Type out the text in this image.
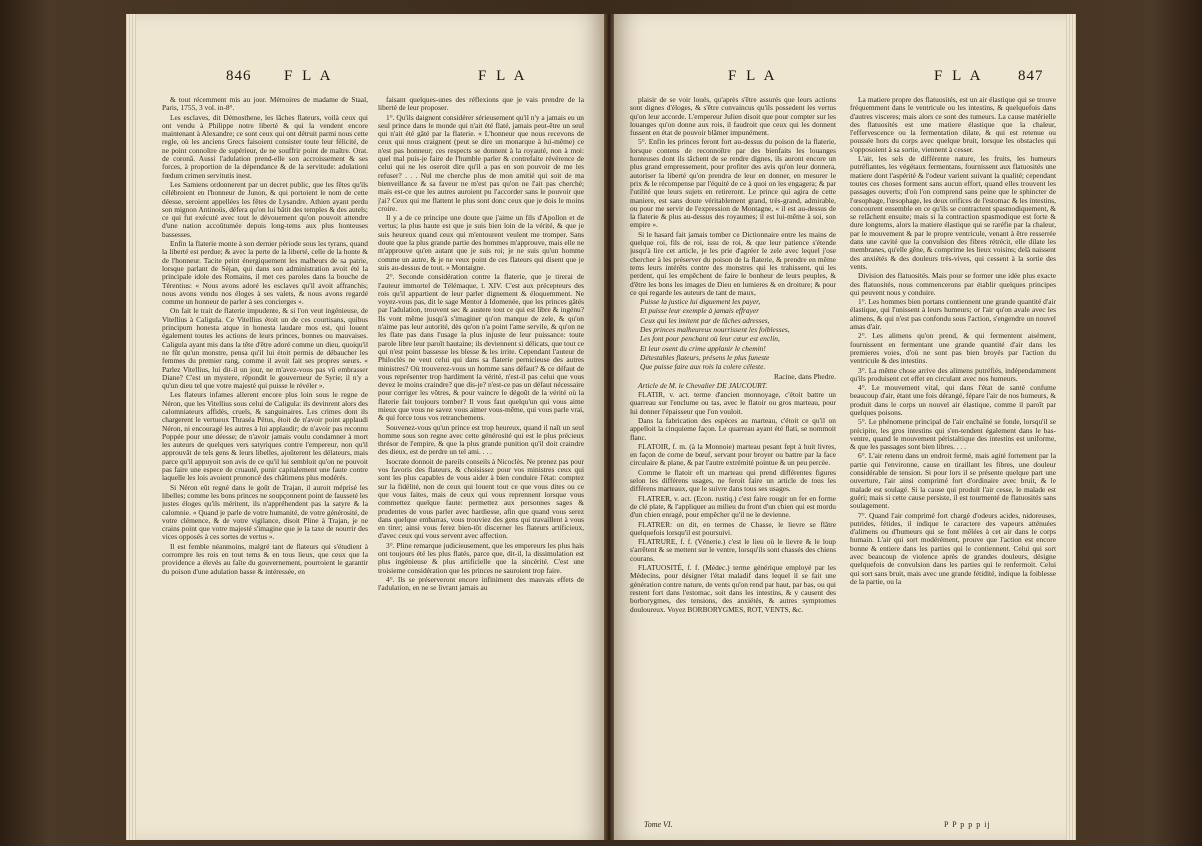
846 F L A	F L A

& tout récemment mis au jour. Mémoires de madame de Staal, Paris, 1755, 3 vol. in-8°.

Les esclaves, dit Démosthene, les lâches flateurs, voilà ceux qui ont vendu à Philippe notre liberté & qui la vendent encore maintenant à Alexandre; ce sont ceux qui ont détruit parmi nous cette regle, où les anciens Grecs faisoient consister toute leur félicité, de ne point connoître de supérieur, de ne souffrir point de maître. Orat. de coronâ. Aussi l'adulation prend-elle son accroissement & ses forces, à proportion de la dépendance & de la servitude: adulationi fœdum crimen servitutis inest.

Les Samiens ordonnerent par un decret public, que les fêtes qu'ils célébroient en l'honneur de Junon, & qui portoient le nom de cette déesse, seroient appellées les fêtes de Lysandre. Athien ayant perdu son mignon Antinoüs, défera qu'on lui bâtit des temples & des autels; ce qui fut exécuté avec tout le dévouement qu'on pouvoit attendre d'une nation accoûtumée depuis long-tems aux plus honteuses bassesses.

Enfin la flaterie monte à son dernier période sous les tyrans, quand la liberté est perdue; & avec la perte de la liberté, celle de la honte & de l'honneur. Tacite peint énergiquement les malheurs de sa patrie, lorsque parlant de Séjan, qui dans son administration avoit été la principale idole des Romains, il met ces paroles dans la bouche de Térentius: « Nous avons adoré les esclaves qu'il avoit affranchis; nous avons vendu nos éloges à ses valets, & nous avons regardé comme un honneur de parler à ses concierges ».

On fait le trait de flaterie impudente, & si l'on veut ingénieuse, de Vitellius à Caligula. Ce Vitellius étoit un de ces courtisans, quibus principum honesta atque in honesta laudare mos est, qui louent également toutes les actions de leurs princes, bonnes ou mauvaises. Caligula ayant mis dans la tête d'être adoré comme un dieu, quoiqu'il ne fût qu'un monstre, pensa qu'il lui étoit permis de débaucher les femmes du premier rang, comme il avoit fait ses propres sœurs. « Parlez Vitellius, lui dit-il un jour, ne m'avez-vous pas vû embrasser Diane? C'est un mystere, répondit le gouverneur de Syrie; il n'y a qu'un dieu tel que votre majesté qui puisse le révéler ».

Les flateurs infames allerent encore plus loin sous le regne de Néron, que les Vitellius sous celui de Caligula: ils devinrent alors des calomniateurs affidés, cruels, & sanguinaires. Les crimes dont ils chargerent le vertueux Thraséa Pétus, étoit de n'avoir point applaudi Néron, ni encouragé les autres à lui applaudir; de n'avoir pas reconnu Poppée pour une déesse; de n'avoir jamais voulu condamner à mort les auteurs de quelques vers satyriques contre l'empereur, non qu'il approuvât de tels gens & leurs libelles, ajoûterent les délateurs, mais parce qu'il appuyoit son avis de ce qu'il lui sembloit qu'on ne pouvoit pas faire une espece de cruauté, punir capitalement une faute contre laquelle les lois avoient prononcé des châtimens plus modérés.

Si Néron eût regné dans le goût de Trajan, il auroit méprisé les libelles; comme les bons princes ne soupçonnent point de fausseté les justes éloges qu'ils méritent, ils n'appréhendent pas la satyre & la calomnie. « Quand je parle de votre humanité, de votre générosité, de votre clémence, & de votre vigilance, disoit Pline à Trajan, je ne crains point que votre majesté s'imagine que je la taxe de nourrir des vices opposés à ces sortes de vertus ».

Il est femble néanmoins, malgré tant de flateurs qui s'étudient à corrompre les rois en tout tems & en tous lieux, que ceux que la providence a élevés au faîte du gouvernement, pourroient le garantir du poison d'une adulation basse & intéressée, en

faisant quelques-unes des réflexions que je vais prendre de la liberté de leur proposer.

1°. Qu'ils daignent considérer sérieusement qu'il n'y a jamais eu un seul prince dans le monde qui n'ait été flaté, jamais peut-être un seul qui n'ait été gâté par la flaterie. « L'honneur que nous recevons de ceux qui nous craignent (peut se dire un monarque à lui-même) ce n'est pas honneur; ces respects se donnent à la royauté, non à moi: quel mal puis-je faire de l'humble parler & contrefaite révérence de celui qui ne les oseroit dire qu'il a pas en son pouvoir de me les refuser? . . . Nul me cherche plus de mon amitié qui soit de ma bienveillance & sa faveur ne m'est pas qu'on ne l'ait pas cherché; mais est-ce que les autres auroient pu l'accorder sans le pouvoir que j'ai? Ceux qui me flattent le plus sont donc ceux que je dois le moins croire.

Il y a de ce principe une doute que j'aime un fils d'Apollon et de vertus; la plus haute est que je suis bien loin de la vérité, & que je suis heureux quand ceux qui m'entourent veulent me tromper. Sans doute que la plus grande partie des hommes m'approuve, mais elle ne m'approuve qu'en autant que je suis roi; je ne suis qu'un homme comme un autre, & je ne veux point de ces flateurs qui disent que je suis au-dessus de tout. » Montaigne.

2°. Seconde considération contre la flaterie, que je tirerai de l'auteur immortel de Télémaque, l. XIV. C'est aux précepteurs des rois qu'il appartient de leur parler dignement & éloquemment. Ne voyez-vous pas, dit le sage Mentor à Idomenée, que les princes gâtés par l'adulation, trouvent sec & austere tout ce qui est libre & ingénu? Ils vont même jusqu'à s'imaginer qu'on manque de zele, & qu'on n'aime pas leur autorité, dès qu'on n'a point l'ame servile, & qu'on ne les flate pas dans l'usage la plus injuste de leur puissance: toute parole libre leur paroît hautaine; ils deviennent si délicats, que tout ce qui n'est point bassesse les blesse & les irrite. Cependant l'auteur de Philoclès ne veut celui qui dans sa flaterie pernicieuse des autres ministres? Où trouverez-vous un homme sans défaut? & ce défaut de vous représenter trop hardiment la vérité, n'est-il pas celui que vous devez le moins craindre? que dis-je? n'est-ce pas un défaut nécessaire pour corriger les vôtres, & pour vaincre le dégoût de la vérité où la flaterie fait toujours tomber? Il vous faut quelqu'un qui vous aime mieux que vous ne savez vous aimer vous-même, qui vous parle vrai, & qui force tous vos retranchemens.

Souvenez-vous qu'un prince est trop heureux, quand il naît un seul homme sous son regne avec cette générosité qui est le plus précieux thrésor de l'empire, & que la plus grande punition qu'il doit craindre des dieux, est de perdre un tel ami. . . .

Isocrate donnoit de pareils conseils à Nicoclès. Ne prenez pas pour vos favoris des flateurs, & choisissez pour vos ministres ceux qui sont les plus capables de vous aider à bien conduire l'état: comptez sur la fidélité, non de ceux qui louent tout ce que vous dites ou ce que vous faites, mais de ceux qui vous reprennent lorsque vous commettez quelque faute: permettez aux personnes sages & prudentes de vous parler avec hardiesse, afin que quand vous serez dans quelque embarras, vous trouviez des gens qui travaillent à vous en tirer; ainsi vous ferez bien-tôt discerner les flateurs artificieux, d'avec ceux qui vous servent avec affection.

3°. Pline remarque judicieusement, que les empereurs les plus hais ont toujours été les plus flatés, parce que, dit-il, la dissimulation est plus ingénieuse & plus artificielle que la sincérité. C'est une troisieme considération que les princes ne sauroient trop faire.

4°. Ils se préserveront encore infiniment des mauvais effets de l'adulation, en ne se livrant jamais au

F L A	F L A 847

plaisir de se voir loués, qu'après s'être assurés que leurs actions sont dignes d'éloges, & s'être convaincus qu'ils possedent les vertus qu'on leur accorde. L'empereur Julien disoit que pour compter sur les louanges qu'on donne aux rois, il faudroit que ceux qui les donnent fussent en état de pouvoir blâmer impunément.

5°. Enfin les princes feront fort au-dessus du poison de la flaterie, lorsque contens de reconnoître par des bienfaits les louanges honteuses dont ils tâchent de se rendre dignes, ils auront encore un plus grand empressement, pour profiter des avis qu'on leur donnera, autoriser la liberté qu'on prendra de leur en donner, en mesurer le prix & le récompense par l'équité de ce à quoi on les engagera; & par l'utilité que leurs sujets en retireront. Le prince qui agira de cette maniere, est sans doute véritablement grand, très-grand, admirable, ou pour me servir de l'expression de Montagne, « il est au-dessus de la flaterie & plus au-dessus des royaumes; il est lui-même à soi, son empire ».

Si le hasard fait jamais tomber ce Dictionnaire entre les mains de quelque roi, fils de roi, issu de roi, & que leur patience s'étende jusqu'à lire cet article, je les prie d'agréer le zele avec lequel j'ose chercher à les préserver du poison de la flaterie, & prendre en même tems leurs intérêts contre des monstres qui les trahissent, qui les perdent, qui les empêchent de faire le bonheur de leurs peuples, & d'être les bons les images de Dieu en lumieres & en droiture; & pour ce qui regarde les auteurs de tant de maux,

Puisse la justice lui diguement les payer,

Et puisse leur exemple à jamais effrayer

Ceux qui les imitent par de lâches adresses,

Des princes malheureux nourrissent les foiblesses,

Les font pour penchant où leur cœur est enclin,

Et leur osent du crime applanir le chemin!

Détestables flateurs, présens le plus funeste

Que puisse faire aux rois la colere céleste.

Racine, dans Phedre.

Article de M. le Chevalier DE JAUCOURT.

FLATIR, v. act. terme d'ancien monnoyage, c'étoit battre un quarreau sur l'enclume ou tas, avec le flatoir ou gros marteau, pour lui donner l'épaisseur que l'on vouloit.

Dans la fabrication des espèces au marteau, c'étoit ce qu'il on appelloit la cinquieme façon. Le quarreau ayant été flati, se nommoit flanc.

FLATOIR, f. m. (à la Monnoie) marteau pesant fept à huit livres, en façon de corne de bœuf, servant pour broyer ou battre par la face circulaire & plane, & par l'autre extrémité pointue & un peu percée.

Comme le flatoir eft un marteau qui prend différentes figures selon les différens usages, ne feroit faire un article de tous les différens marteaux, que le suivre dans tous ses usages.

FLATRER, v. act. (Econ. rustiq.) c'est faire rougir un fer en forme de clé plate, & l'appliquer au milieu du front d'un chien qui est mordu d'un chien enragé, pour empêcher qu'il ne le devienne.

FLATRER: on dit, en termes de Chasse, le lievre se flâtre quelquefois lorsqu'il est poursuivi.

FLATRURE, f. f. (Vénerie.) c'est le lieu où le lievre & le loup s'arrêtent & se mettent sur le ventre, lorsqu'ils sont chassés des chiens courans.

FLATUOSITÉ, f. f. (Médec.) terme générique employé par les Médecins, pour désigner l'état maladif dans lequel il se fait une génération contre nature, de vents qu'on rend par haut, par bas, ou qui restent fort dans l'estomac, soit dans les intestins, & y causent des borborygmes, des tensions, des anxiétés, & autres symptomes douloureux. Voyez BORBORYGMES, ROT, VENTS, &c.

La matiere propre des flatuosités, est un air élastique qui se trouve fréquemment dans le ventricule ou les intestins, & quelquefois dans d'autres visceres; mais alors ce sont des tumeurs. La cause matérielle des flatuosités est une matiere élastique que la chaleur, l'effervescence ou la fermentation dilate, & qui est retenue ou poussée hors du corps avec quelque bruit, lorsque les obstacles qui s'opposoient à sa sortie, viennent à cesser.

L'air, les sels de différente nature, les fruits, les humeurs putréfiantes, les végétaux fermentans, fournissent aux flatuosités une matiere dont l'aspérité & l'odeur varient suivant la qualité; cependant toutes ces choses forment sans aucun effort, quand elles trouvent les passages ouverts; d'où l'on comprend sans peine que le sphincter de l'œsophage, l'œsophage, les deux orifices de l'estomac & les intestins, concourent ensemble en ce qu'ils se contractent spasmodiquement, & se relâchent ensuite; mais si la contraction spasmodique est forte & dure longtems, alors la matiere élastique qui se raréfie par la chaleur, par le mouvement & par le propre ventricule, venant à être resserrée dans une cavité que la convulsion des fibres rétrécit, elle dilate les membranes, qu'elle gêne, & comprime les lieux voisins; delà naissent des anxiétés & des douleurs très-vives, qui cessent à la sortie des vents.

Division des flatuosités. Mais pour se former une idée plus exacte des flatuosités, nous commencerons par établir quelques principes qui peuvent nous y conduire.

1°. Les hommes bien portans contiennent une grande quantité d'air élastique, qui l'unissent à leurs humeurs; or l'air qu'on avale avec les alimens, & qui n'est pas confondu sous l'action, s'engendre un nouvel amas d'air.

2°. Les alimens qu'on prend, & qui fermentent aisément, fournissent en fermentant une grande quantité d'air dans les premieres voies, d'où ne sont pas bien broyés par l'action du ventricule & des intestins.

3°. La même chose arrive des alimens putréfiés, indépendamment qu'ils produisent cet effet en circulant avec nos humeurs.

4°. Le mouvement vital, qui dans l'état de santé confume beaucoup d'air, étant une fois dérangé, fépare l'air de nos humeurs, & produit dans le corps un nouvel air élastique, comme il paroît par quelques poisons.

5°. Le phénomene principal de l'air enchaîné se fonde, lorsqu'il se précipite, les gros intestins qui s'en-tendent également dans le bas-ventre, quand le mouvement péristaltique des intestins est uniforme, & que les passages sont bien libres. . . .

6°. L'air retenu dans un endroit fermé, mais agité fortement par la partie qui l'environne, cause en tiraillant les fibres, une douleur considérable de tension. Si pour lors il se présente quelque part une ouverture, l'air ainsi comprimé fort d'ordinaire avec bruit, & le malade est soulagé. Si la cause qui produit l'air cesse, le malade est guéri; mais si cette cause persiste, il est tourmenté de flatuosités sans soulagement.

7°. Quand l'air comprimé fort chargé d'odeurs acides, nidoreuses, putrides, fétides, il indique le caractere des vapeurs atténuées d'alimens ou d'humeurs qui se font mêlées à cet air dans le corps humain. L'air qui sort modérément, prouve que l'action est encore bonne & entiere dans les parties qui le contiennent. Celui qui sort avec beaucoup de violence après de grandes douleurs, désigne quelquefois de convulsion dans les parties qui le renfermoit. Celui qui sort sans bruit, mais avec une grande fétidité, indique la foiblesse de la partie, ou la

Tome VI.	P P p p p ij
